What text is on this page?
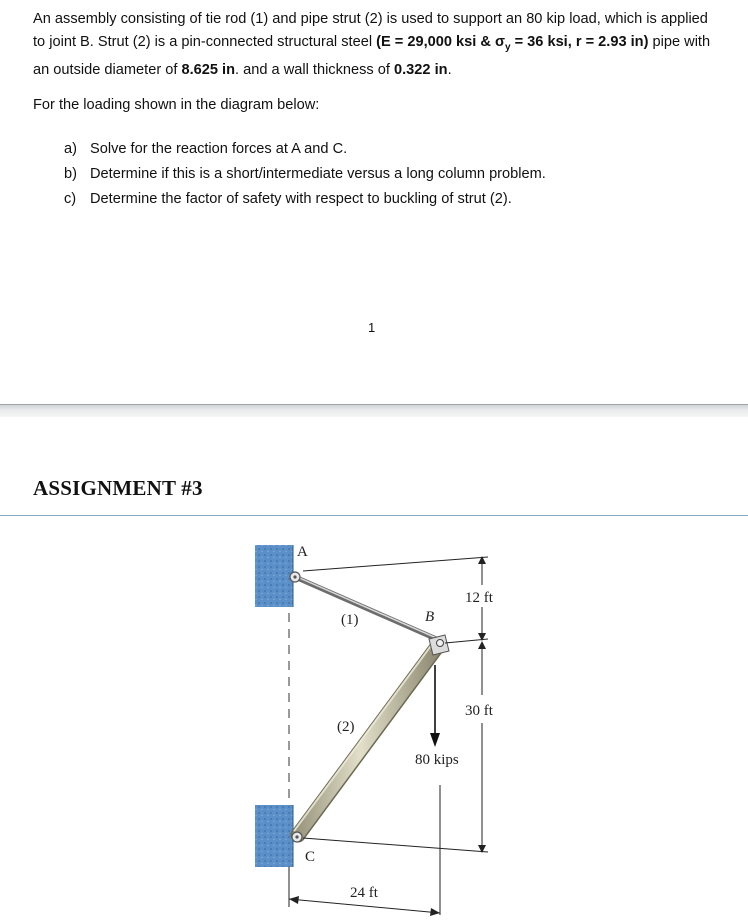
An assembly consisting of tie rod (1) and pipe strut (2) is used to support an 80 kip load, which is applied to joint B. Strut (2) is a pin-connected structural steel (E = 29,000 ksi & $\sigma_y = 36$ ksi, r = 2.93 in) pipe with an outside diameter of 8.625 in. and a wall thickness of 0.322 in.
For the loading shown in the diagram below:
a) Solve for the reaction forces at A and C.
b) Determine if this is a short/intermediate versus a long column problem.
c) Determine the factor of safety with respect to buckling of strut (2).
1
ASSIGNMENT #3
A
B
C
(1)
(2)
12 ft
30 ft
24 ft
80 kips
